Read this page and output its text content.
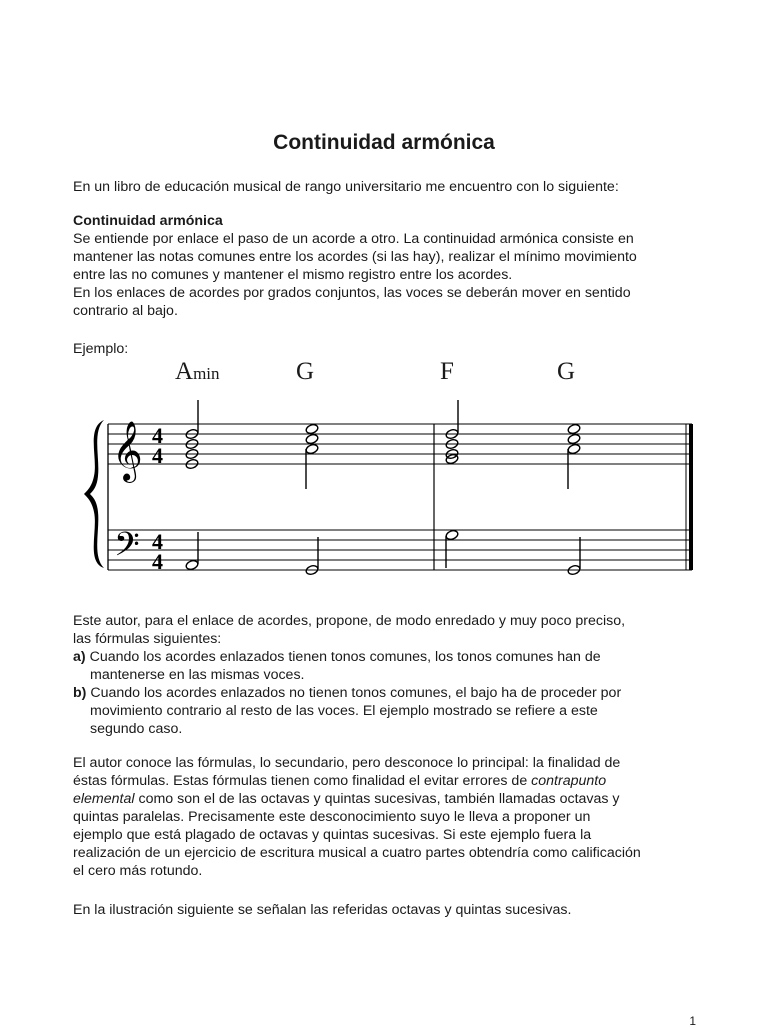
Continuidad armónica

En un libro de educación musical de rango universitario me encuentro con lo siguiente:

Continuidad armónica
Se entiende por enlace el paso de un acorde a otro. La continuidad armónica consiste en
mantener las notas comunes entre los acordes (si las hay), realizar el mínimo movimiento
entre las no comunes y mantener el mismo registro entre los acordes.
En los enlaces de acordes por grados conjuntos, las voces se deberán mover en sentido
contrario al bajo.

Ejemplo:

Amin	G	F	G
𝄞
𝄢
4
4
4
4
Este autor, para el enlace de acordes, propone, de modo enredado y muy poco preciso,
las fórmulas siguientes:
a) Cuando los acordes enlazados tienen tonos comunes, los tonos comunes han de
mantenerse en las mismas voces.
b) Cuando los acordes enlazados no tienen tonos comunes, el bajo ha de proceder por
movimiento contrario al resto de las voces. El ejemplo mostrado se refiere a este
segundo caso.
El autor conoce las fórmulas, lo secundario, pero desconoce lo principal: la finalidad de
éstas fórmulas. Estas fórmulas tienen como finalidad el evitar errores de contrapunto
elemental como son el de las octavas y quintas sucesivas, también llamadas octavas y
quintas paralelas. Precisamente este desconocimiento suyo le lleva a proponer un
ejemplo que está plagado de octavas y quintas sucesivas. Si este ejemplo fuera la
realización de un ejercicio de escritura musical a cuatro partes obtendría como calificación
el cero más rotundo.

En la ilustración siguiente se señalan las referidas octavas y quintas sucesivas.

1
